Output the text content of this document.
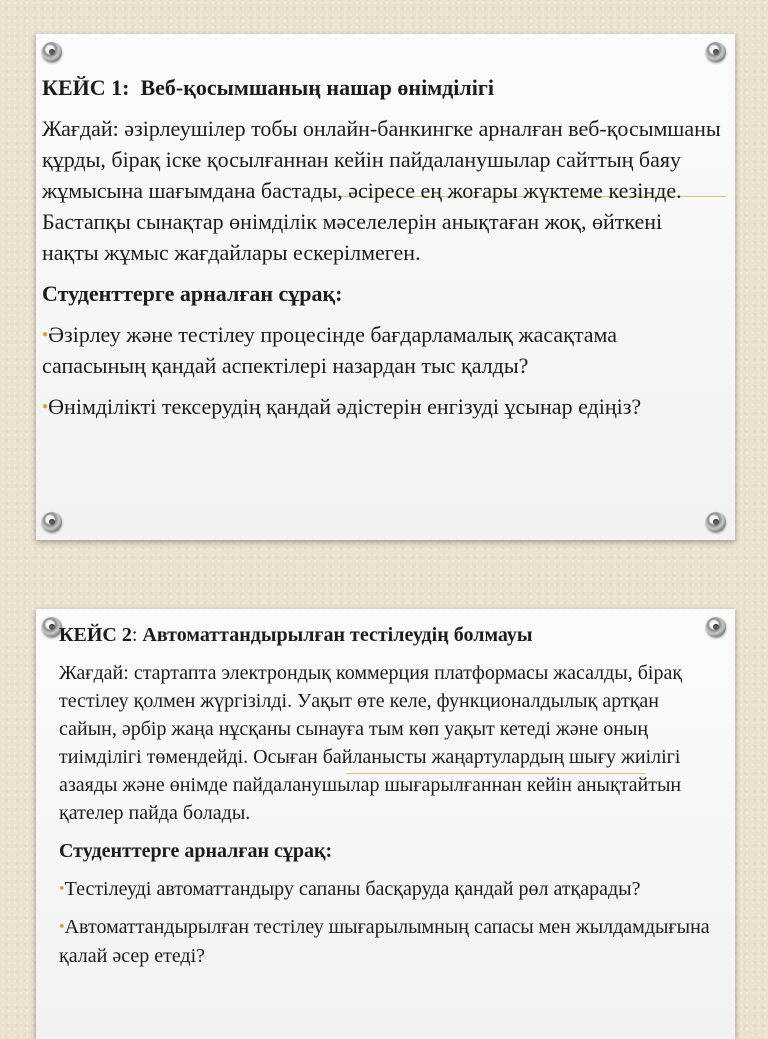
КЕЙС 1: Веб-қосымшаның нашар өнімділігі
Жағдай: әзірлеушілер тобы онлайн-банкингке арналған веб-қосымшаны құрды, бірақ іске қосылғаннан кейін пайдаланушылар сайттың баяу жұмысына шағымдана бастады, әсіресе ең жоғары жүктеме кезінде. Бастапқы сынақтар өнімділік мәселелерін анықтаған жоқ, өйткені нақты жұмыс жағдайлары ескерілмеген.
Студенттерге арналған сұрақ:
•Әзірлеу және тестілеу процесінде бағдарламалық жасақтама сапасының қандай аспектілері назардан тыс қалды?
•Өнімділікті тексерудің қандай әдістерін енгізуді ұсынар едіңіз?
КЕЙС 2: Автоматтандырылған тестілеудің болмауы
Жағдай: стартапта электрондық коммерция платформасы жасалды, бірақ тестілеу қолмен жүргізілді. Уақыт өте келе, функционалдылық артқан сайын, әрбір жаңа нұсқаны сынауға тым көп уақыт кетеді және оның тиімділігі төмендейді. Осыған байланысты жаңартулардың шығу жиілігі азаяды және өнімде пайдаланушылар шығарылғаннан кейін анықтайтын қателер пайда болады.
Студенттерге арналған сұрақ:
•Тестілеуді автоматтандыру сапаны басқаруда қандай рөл атқарады?
•Автоматтандырылған тестілеу шығарылымның сапасы мен жылдамдығына қалай әсер етеді?
